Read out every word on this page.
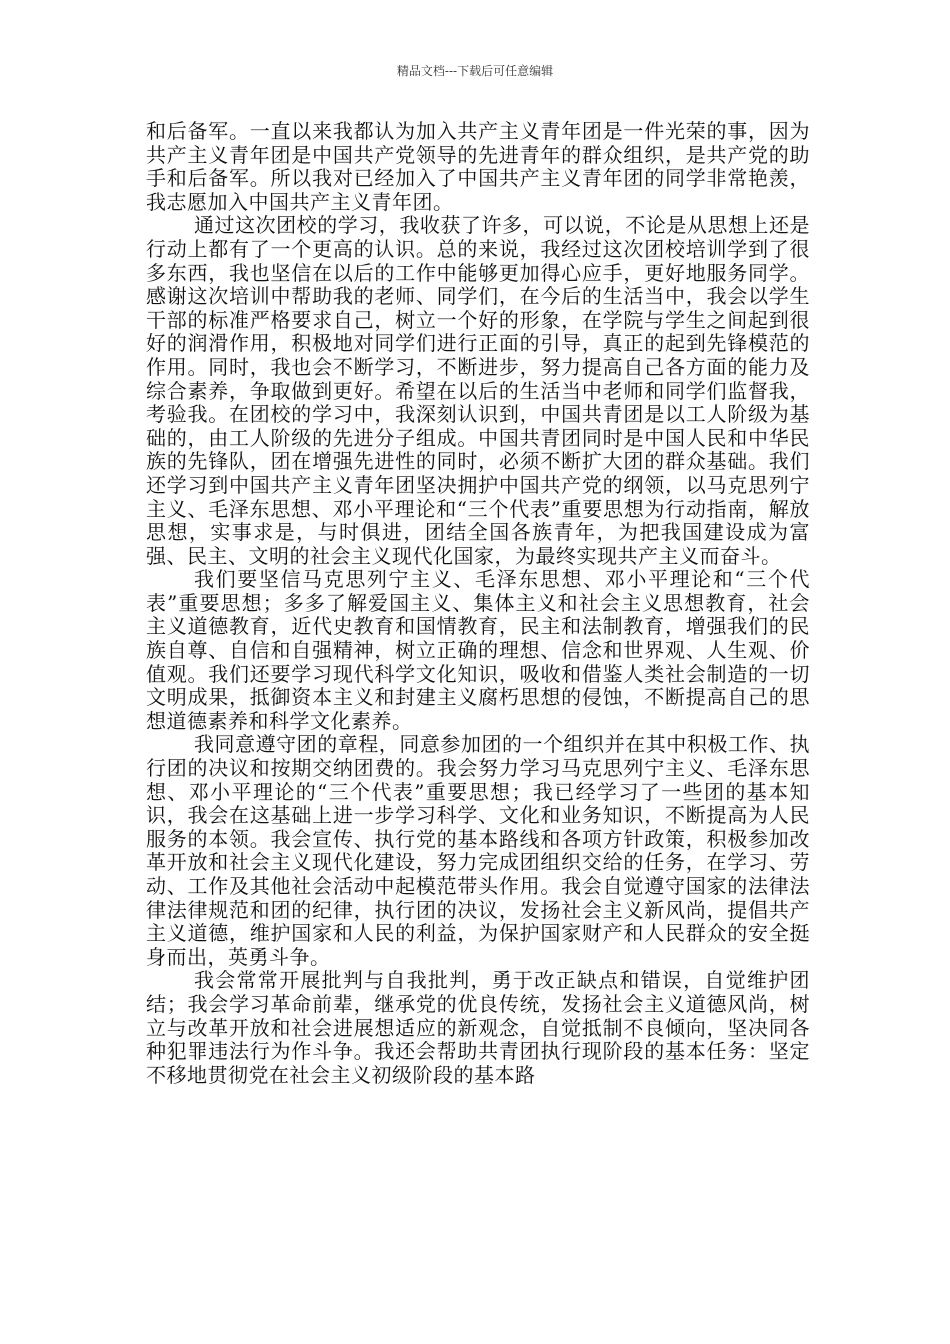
精品文档---下载后可任意编辑

和后备军。一直以来我都认为加入共产主义青年团是一件光荣的事，因为共产主义青年团是中国共产党领导的先进青年的群众组织，是共产党的助手和后备军。所以我对已经加入了中国共产主义青年团的同学非常艳羡，我志愿加入中国共产主义青年团。

通过这次团校的学习，我收获了许多，可以说，不论是从思想上还是行动上都有了一个更高的认识。总的来说，我经过这次团校培训学到了很多东西，我也坚信在以后的工作中能够更加得心应手，更好地服务同学。感谢这次培训中帮助我的老师、同学们，在今后的生活当中，我会以学生干部的标准严格要求自己，树立一个好的形象，在学院与学生之间起到很好的润滑作用，积极地对同学们进行正面的引导，真正的起到先锋模范的作用。同时，我也会不断学习，不断进步，努力提高自己各方面的能力及综合素养，争取做到更好。希望在以后的生活当中老师和同学们监督我，考验我。在团校的学习中，我深刻认识到，中国共青团是以工人阶级为基础的，由工人阶级的先进分子组成。中国共青团同时是中国人民和中华民族的先锋队，团在增强先进性的同时，必须不断扩大团的群众基础。我们还学习到中国共产主义青年团坚决拥护中国共产党的纲领，以马克思列宁主义、毛泽东思想、邓小平理论和“三个代表”重要思想为行动指南，解放思想，实事求是，与时俱进，团结全国各族青年，为把我国建设成为富强、民主、文明的社会主义现代化国家，为最终实现共产主义而奋斗。

我们要坚信马克思列宁主义、毛泽东思想、邓小平理论和“三个代表”重要思想；多多了解爱国主义、集体主义和社会主义思想教育，社会主义道德教育，近代史教育和国情教育，民主和法制教育，增强我们的民族自尊、自信和自强精神，树立正确的理想、信念和世界观、人生观、价值观。我们还要学习现代科学文化知识，吸收和借鉴人类社会制造的一切文明成果，抵御资本主义和封建主义腐朽思想的侵蚀，不断提高自己的思想道德素养和科学文化素养。

我同意遵守团的章程，同意参加团的一个组织并在其中积极工作、执行团的决议和按期交纳团费的。我会努力学习马克思列宁主义、毛泽东思想、邓小平理论的“三个代表”重要思想；我已经学习了一些团的基本知识，我会在这基础上进一步学习科学、文化和业务知识，不断提高为人民服务的本领。我会宣传、执行党的基本路线和各项方针政策，积极参加改革开放和社会主义现代化建设，努力完成团组织交给的任务，在学习、劳动、工作及其他社会活动中起模范带头作用。我会自觉遵守国家的法律法律法律规范和团的纪律，执行团的决议，发扬社会主义新风尚，提倡共产主义道德，维护国家和人民的利益，为保护国家财产和人民群众的安全挺身而出，英勇斗争。

我会常常开展批判与自我批判，勇于改正缺点和错误，自觉维护团结；我会学习革命前辈，继承党的优良传统，发扬社会主义道德风尚，树立与改革开放和社会进展想适应的新观念，自觉抵制不良倾向，坚决同各种犯罪违法行为作斗争。我还会帮助共青团执行现阶段的基本任务：坚定不移地贯彻党在社会主义初级阶段的基本路
